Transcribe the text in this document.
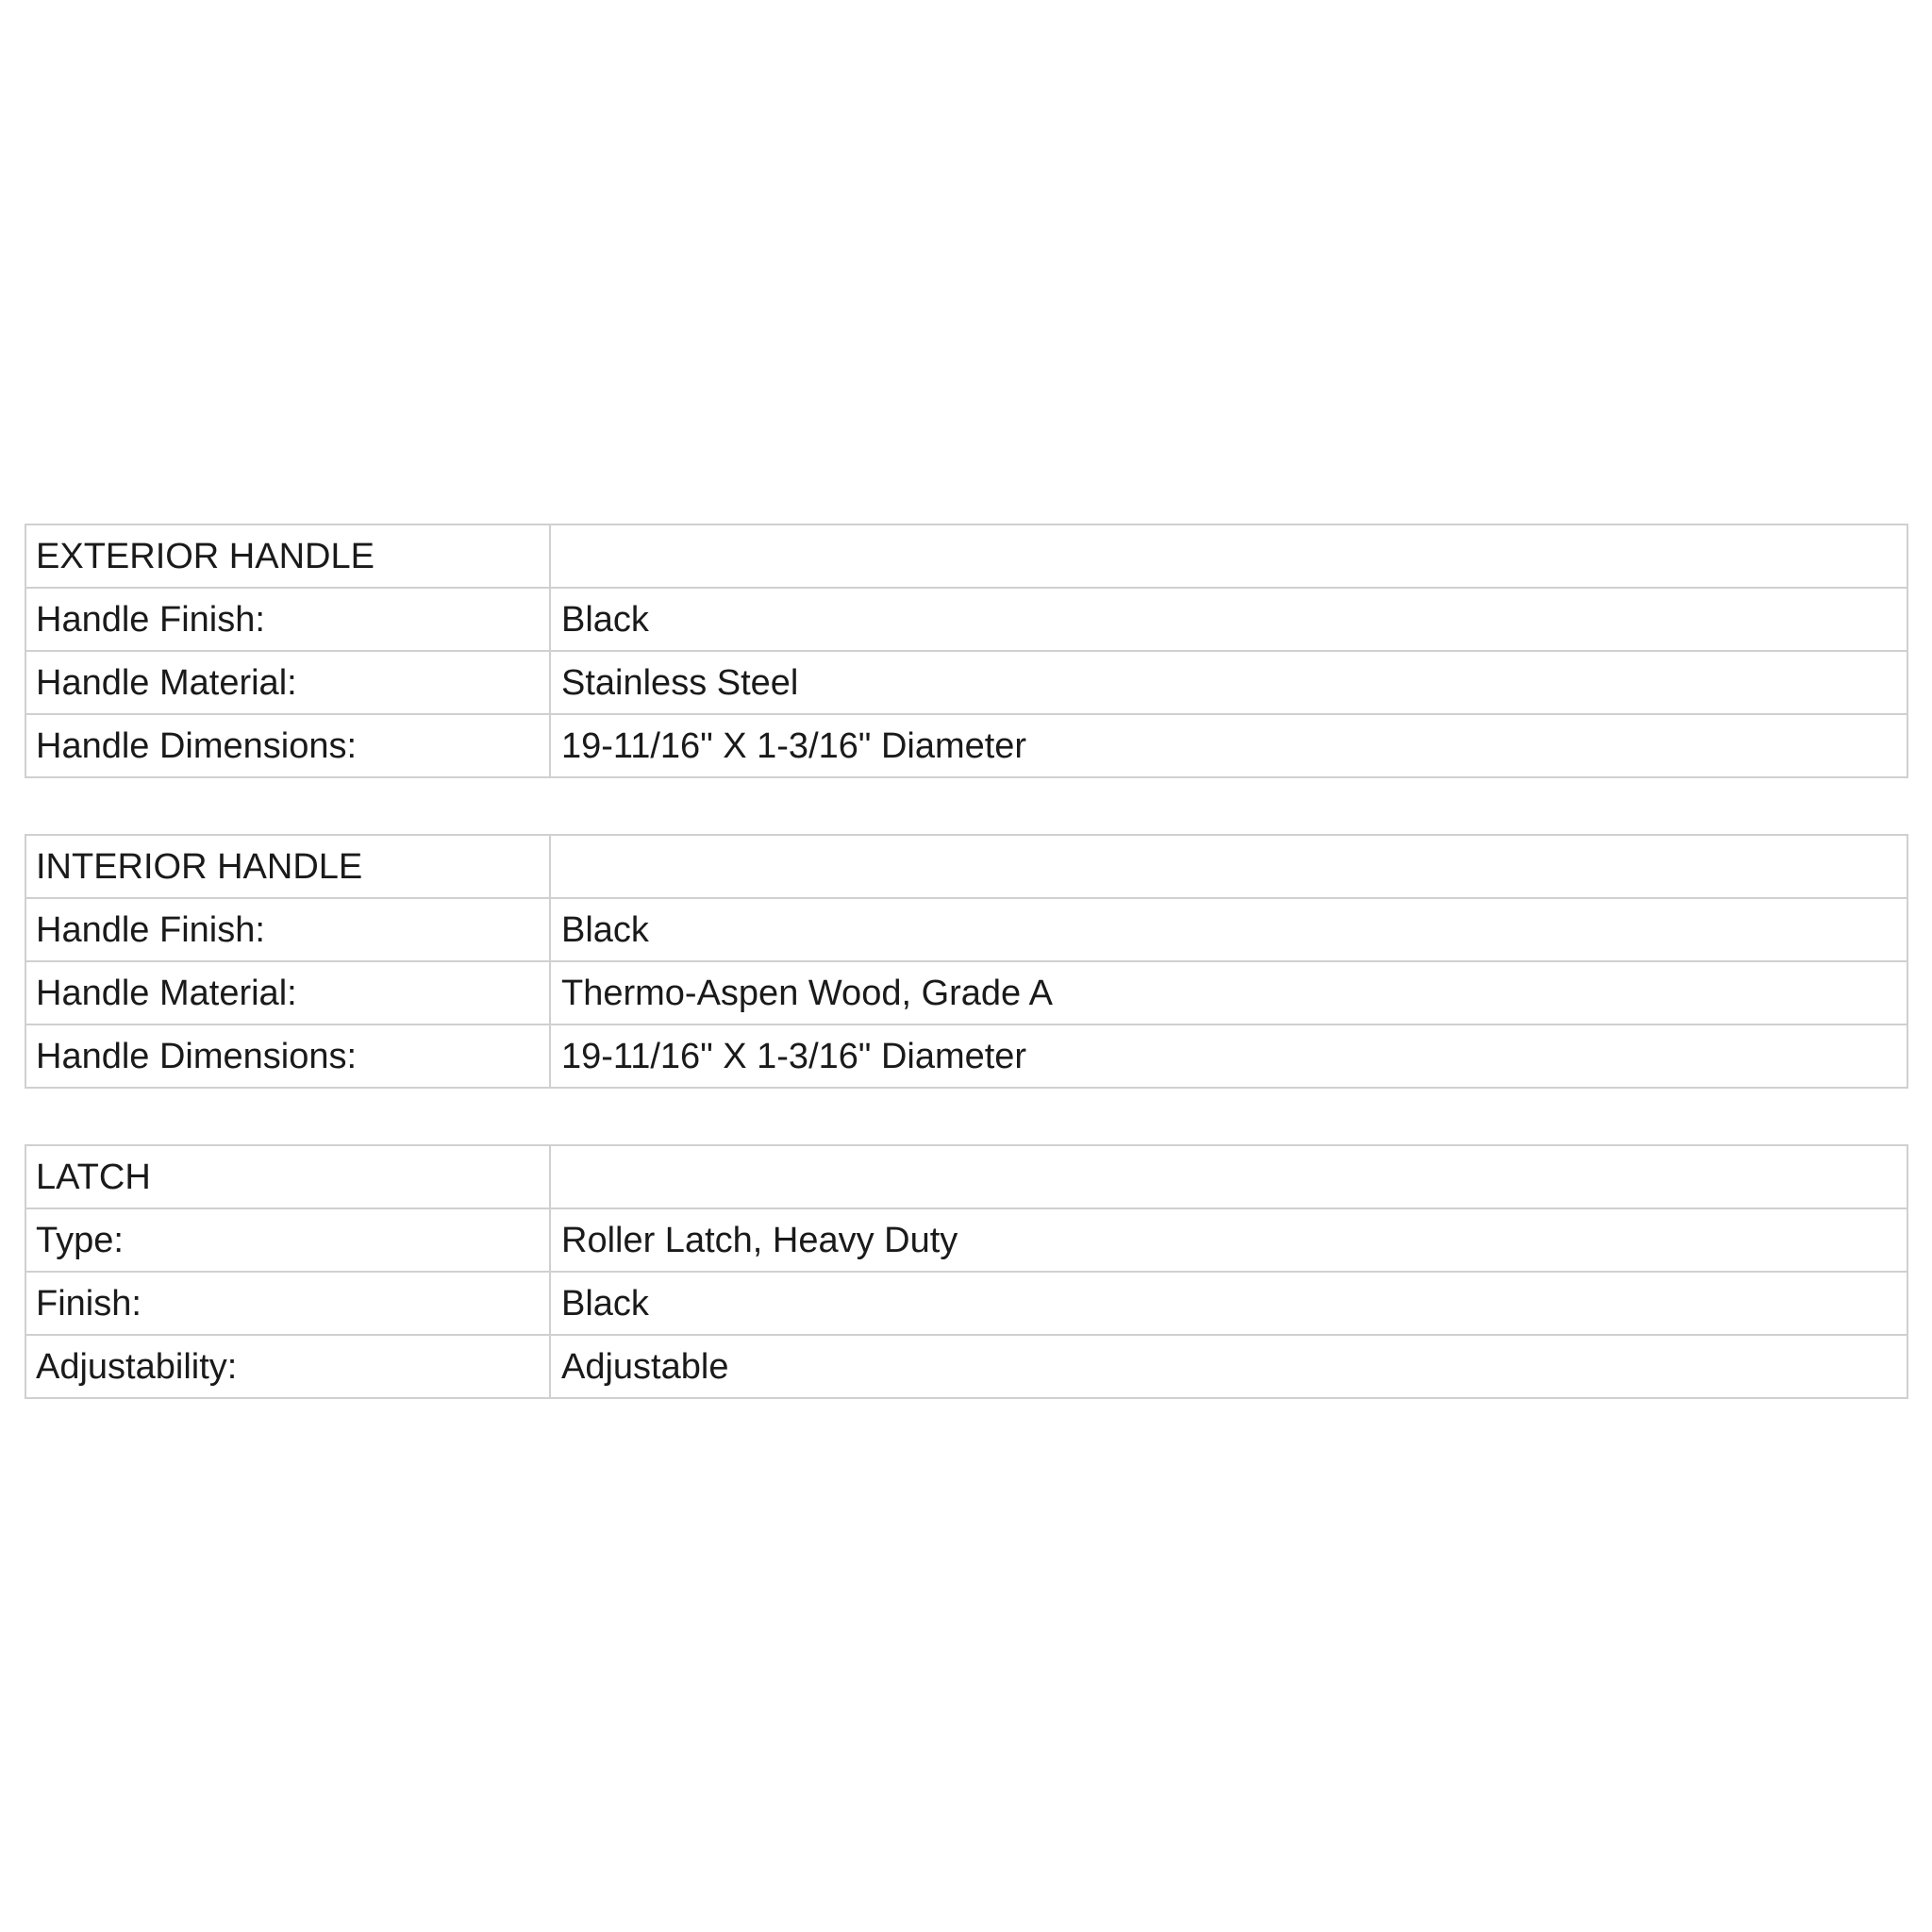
EXTERIOR HANDLE	
Handle Finish:	Black
Handle Material:	Stainless Steel
Handle Dimensions:	19-11/16" X 1-3/16" Diameter
INTERIOR HANDLE	
Handle Finish:	Black
Handle Material:	Thermo-Aspen Wood, Grade A
Handle Dimensions:	19-11/16" X 1-3/16" Diameter
LATCH	
Type:	Roller Latch, Heavy Duty
Finish:	Black
Adjustability:	Adjustable
